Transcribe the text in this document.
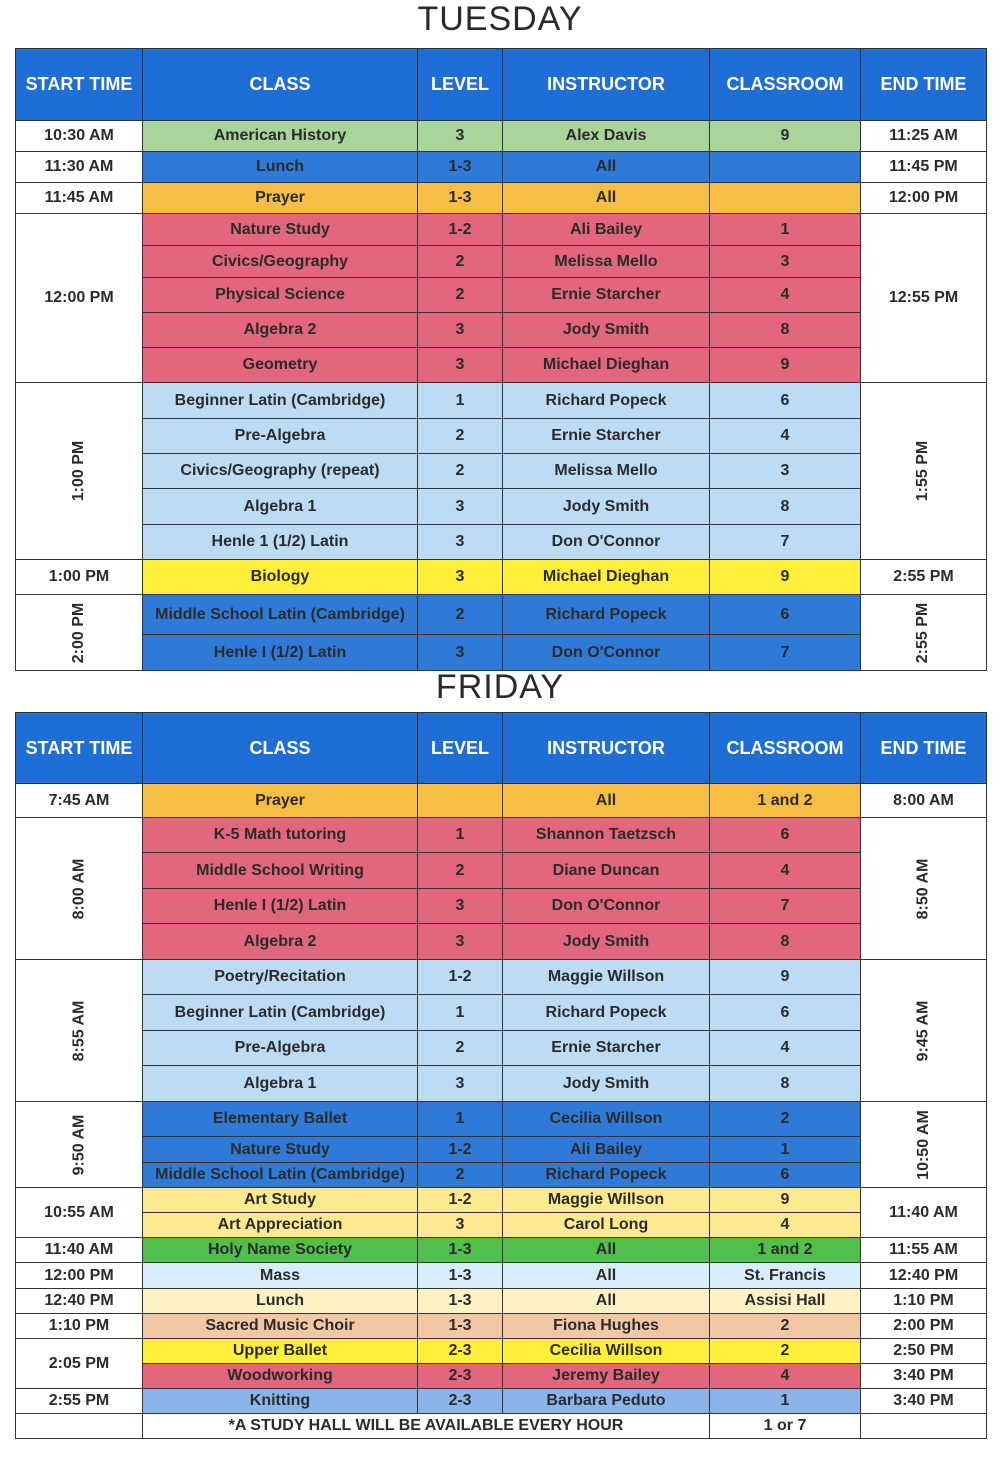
TUESDAY
START TIME	CLASS	LEVEL	INSTRUCTOR	CLASSROOM	END TIME
10:30 AM	American History	3	Alex Davis	9	11:25 AM
11:30 AM	Lunch	1-3	All		11:45 PM
11:45 AM	Prayer	1-3	All		12:00 PM
12:00 PM	Nature Study	1-2	Ali Bailey	1	12:55 PM
	Civics/Geography	2	Melissa Mello	3	
	Physical Science	2	Ernie Starcher	4	
	Algebra 2	3	Jody Smith	8	
	Geometry	3	Michael Dieghan	9	
1:00 PM	Beginner Latin (Cambridge)	1	Richard Popeck	6	1:55 PM
	Pre-Algebra	2	Ernie Starcher	4	
	Civics/Geography (repeat)	2	Melissa Mello	3	
	Algebra 1	3	Jody Smith	8	
	Henle 1 (1/2) Latin	3	Don O'Connor	7	
1:00 PM	Biology	3	Michael Dieghan	9	2:55 PM
2:00 PM	Middle School Latin (Cambridge)	2	Richard Popeck	6	2:55 PM
	Henle I (1/2) Latin	3	Don O'Connor	7	
FRIDAY
START TIME	CLASS	LEVEL	INSTRUCTOR	CLASSROOM	END TIME
7:45 AM	Prayer		All	1 and 2	8:00 AM
8:00 AM	K-5 Math tutoring	1	Shannon Taetzsch	6	8:50 AM
	Middle School Writing	2	Diane Duncan	4	
	Henle I (1/2) Latin	3	Don O'Connor	7	
	Algebra 2	3	Jody Smith	8	
8:55 AM	Poetry/Recitation	1-2	Maggie Willson	9	9:45 AM
	Beginner Latin (Cambridge)	1	Richard Popeck	6	
	Pre-Algebra	2	Ernie Starcher	4	
	Algebra 1	3	Jody Smith	8	
9:50 AM	Elementary Ballet	1	Cecilia Willson	2	10:50 AM
	Nature Study	1-2	Ali Bailey	1	
	Middle School Latin (Cambridge)	2	Richard Popeck	6	
10:55 AM	Art Study	1-2	Maggie Willson	9	11:40 AM
	Art Appreciation	3	Carol Long	4	
11:40 AM	Holy Name Society	1-3	All	1 and 2	11:55 AM
12:00 PM	Mass	1-3	All	St. Francis	12:40 PM
12:40 PM	Lunch	1-3	All	Assisi Hall	1:10 PM
1:10 PM	Sacred Music Choir	1-3	Fiona Hughes	2	2:00 PM
2:05 PM	Upper Ballet	2-3	Cecilia Willson	2	2:50 PM
	Woodworking	2-3	Jeremy Bailey	4	3:40 PM
2:55 PM	Knitting	2-3	Barbara Peduto	1	3:40 PM
	*A STUDY HALL WILL BE AVAILABLE EVERY HOUR			1 or 7	
